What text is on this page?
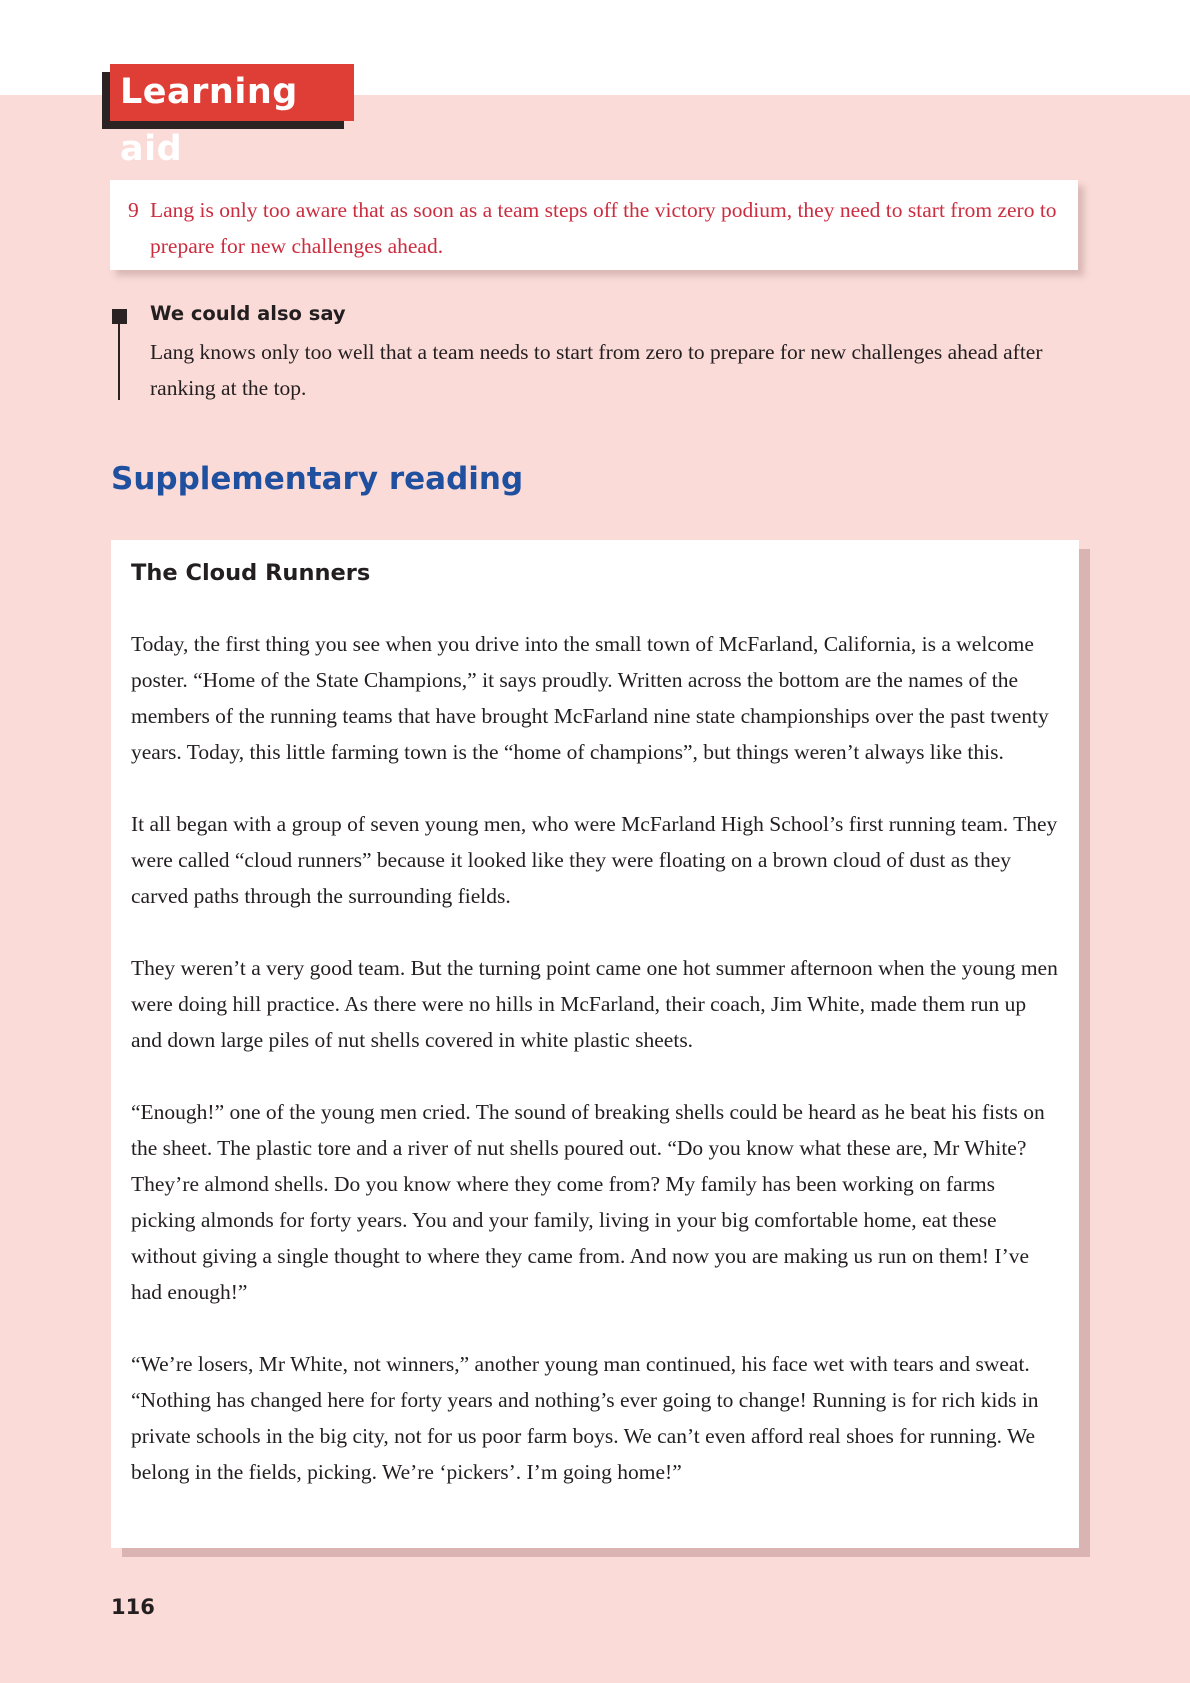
Learning aid
9 Lang is only too aware that as soon as a team steps off the victory podium, they need to start from zero to prepare for new challenges ahead.
We could also say
Lang knows only too well that a team needs to start from zero to prepare for new challenges ahead after ranking at the top.
Supplementary reading
The Cloud Runners

Today, the first thing you see when you drive into the small town of McFarland, California, is a welcome poster. “Home of the State Champions,” it says proudly. Written across the bottom are the names of the members of the running teams that have brought McFarland nine state championships over the past twenty years. Today, this little farming town is the “home of champions”, but things weren’t always like this.

It all began with a group of seven young men, who were McFarland High School’s first running team. They were called “cloud runners” because it looked like they were floating on a brown cloud of dust as they carved paths through the surrounding fields.

They weren’t a very good team. But the turning point came one hot summer afternoon when the young men were doing hill practice. As there were no hills in McFarland, their coach, Jim White, made them run up and down large piles of nut shells covered in white plastic sheets.

“Enough!” one of the young men cried. The sound of breaking shells could be heard as he beat his fists on the sheet. The plastic tore and a river of nut shells poured out. “Do you know what these are, Mr White? They’re almond shells. Do you know where they come from? My family has been working on farms picking almonds for forty years. You and your family, living in your big comfortable home, eat these without giving a single thought to where they came from. And now you are making us run on them! I’ve had enough!”

“We’re losers, Mr White, not winners,” another young man continued, his face wet with tears and sweat. “Nothing has changed here for forty years and nothing’s ever going to change! Running is for rich kids in private schools in the big city, not for us poor farm boys. We can’t even afford real shoes for running. We belong in the fields, picking. We’re ‘pickers’. I’m going home!”

116
